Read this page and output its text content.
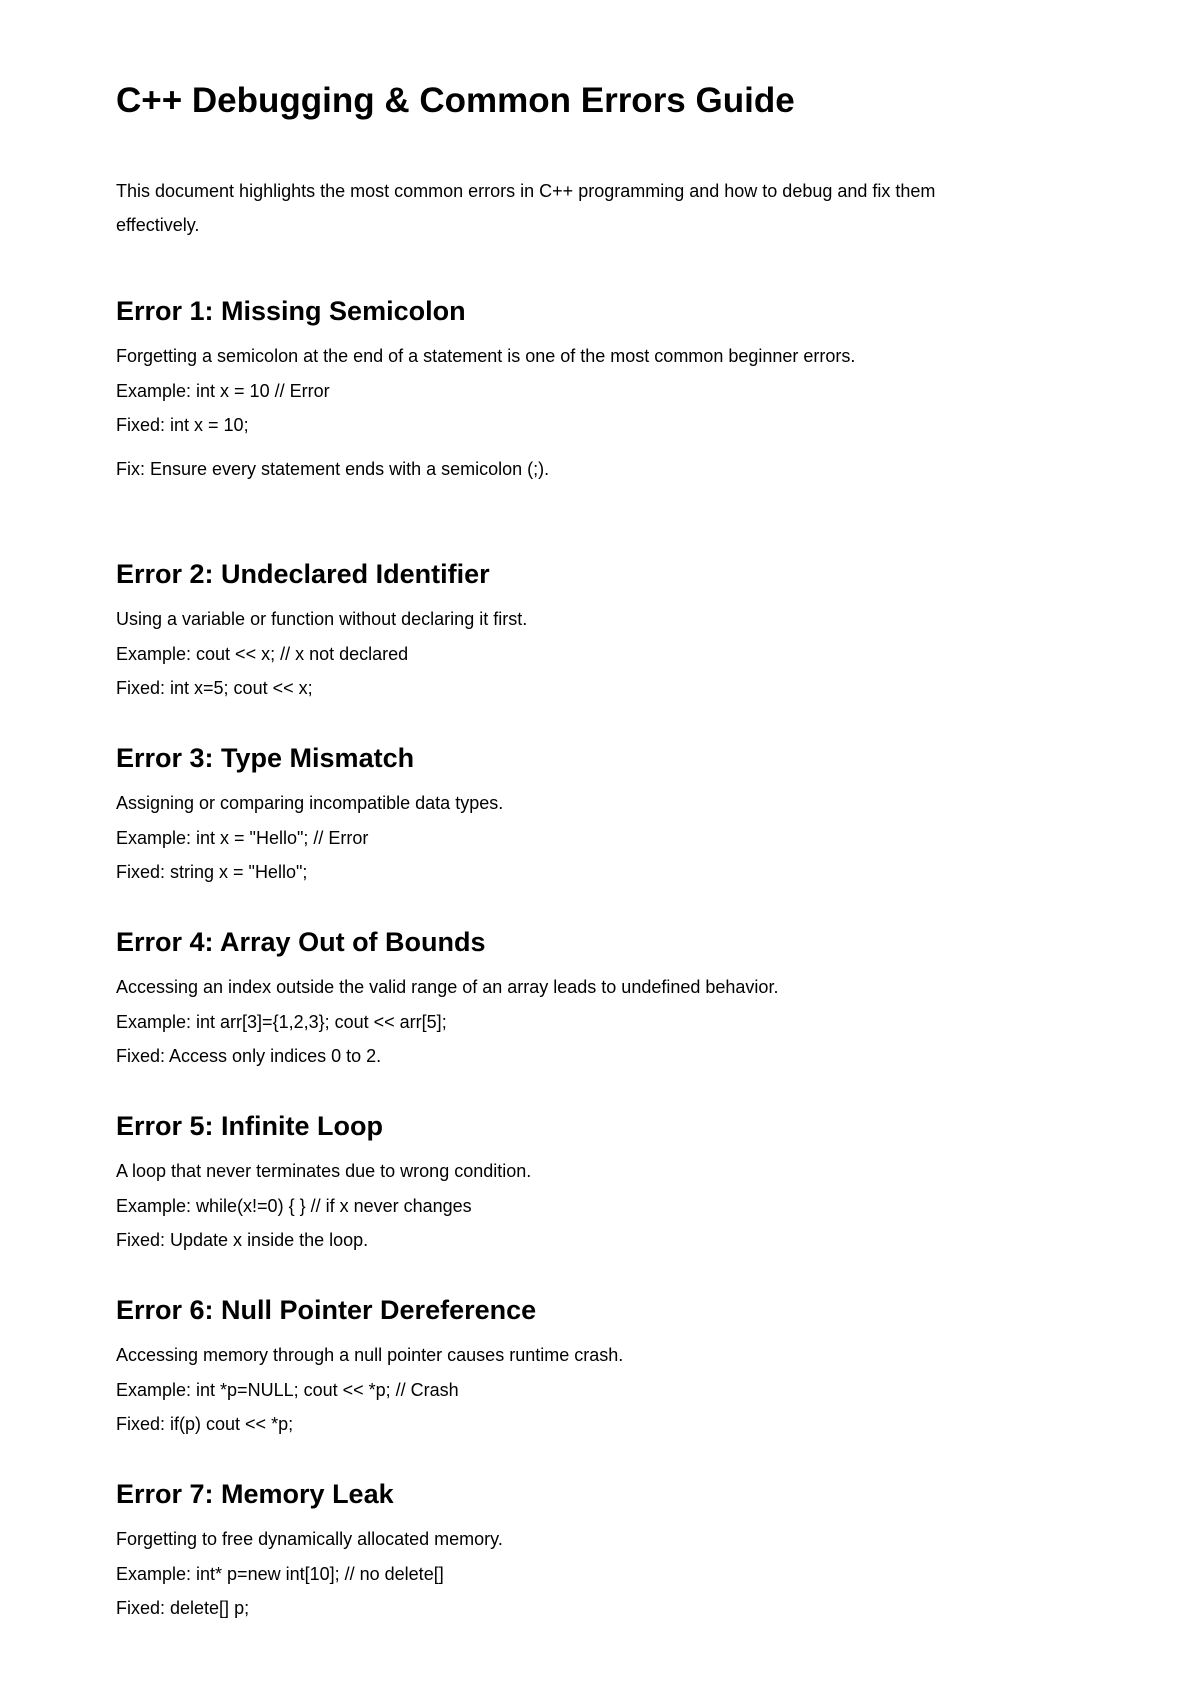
C++ Debugging & Common Errors Guide

This document highlights the most common errors in C++ programming and how to debug and fix them effectively.

Error 1: Missing Semicolon
Forgetting a semicolon at the end of a statement is one of the most common beginner errors.
Example: int x = 10 // Error
Fixed: int x = 10;
Fix: Ensure every statement ends with a semicolon (;).
Error 2: Undeclared Identifier
Using a variable or function without declaring it first.
Example: cout << x; // x not declared
Fixed: int x=5; cout << x;
Error 3: Type Mismatch
Assigning or comparing incompatible data types.
Example: int x = "Hello"; // Error
Fixed: string x = "Hello";
Error 4: Array Out of Bounds
Accessing an index outside the valid range of an array leads to undefined behavior.
Example: int arr[3]={1,2,3}; cout << arr[5];
Fixed: Access only indices 0 to 2.
Error 5: Infinite Loop
A loop that never terminates due to wrong condition.
Example: while(x!=0) { } // if x never changes
Fixed: Update x inside the loop.
Error 6: Null Pointer Dereference
Accessing memory through a null pointer causes runtime crash.
Example: int *p=NULL; cout << *p; // Crash
Fixed: if(p) cout << *p;
Error 7: Memory Leak
Forgetting to free dynamically allocated memory.
Example: int* p=new int[10]; // no delete[]
Fixed: delete[] p;
